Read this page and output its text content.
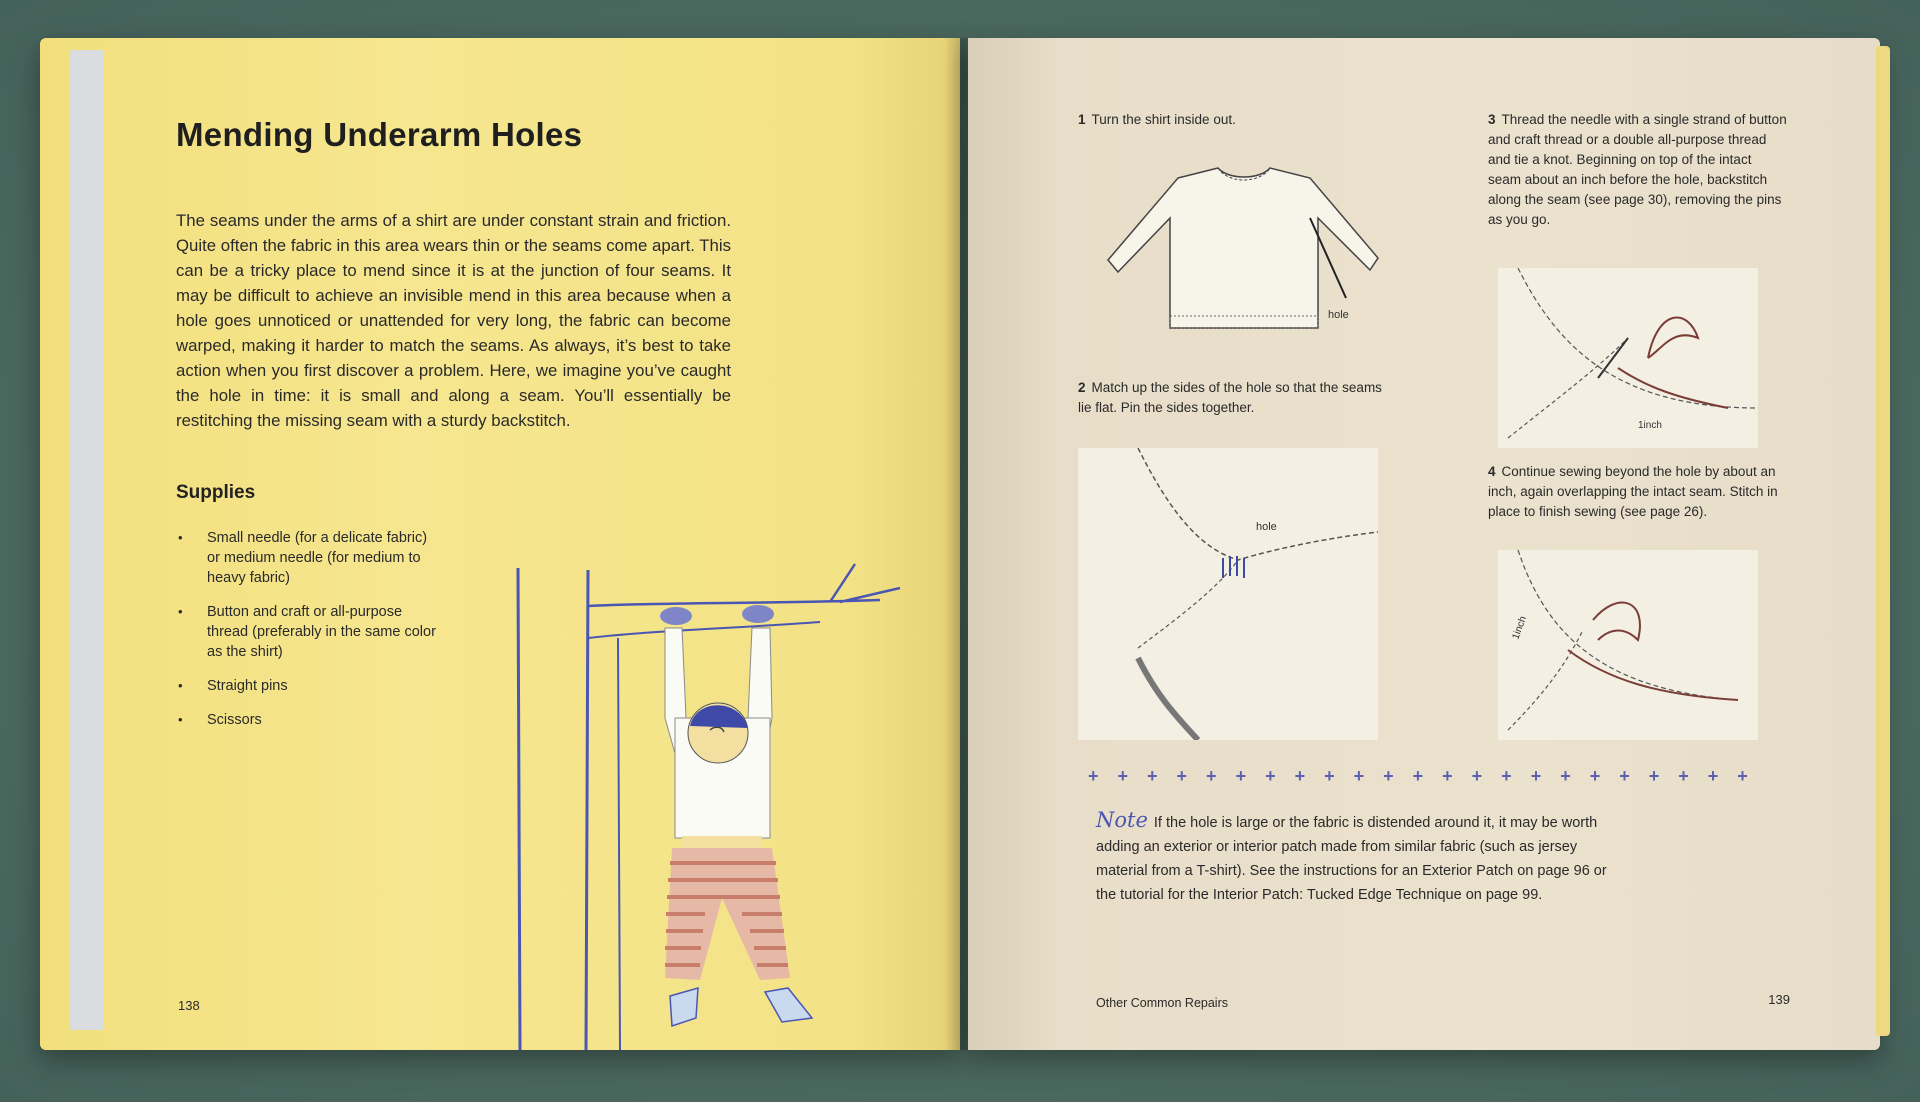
Mending Underarm Holes

The seams under the arms of a shirt are under constant strain and friction. Quite often the fabric in this area wears thin or the seams come apart. This can be a tricky place to mend since it is at the junction of four seams. It may be difficult to achieve an invisible mend in this area because when a hole goes unnoticed or unattended for very long, the fabric can become warped, making it harder to match the seams. As always, it’s best to take action when you first discover a problem. Here, we imagine you’ve caught the hole in time: it is small and along a seam. You’ll essentially be restitching the missing seam with a sturdy backstitch.

Supplies
• Small needle (for a delicate fabric) or medium needle (for medium to heavy fabric)
• Button and craft or all-purpose thread (preferably in the same color as the shirt)
• Straight pins
• Scissors
138

1 Turn the shirt inside out.

hole

2 Match up the sides of the hole so that the seams lie flat. Pin the sides together.

hole

3 Thread the needle with a single strand of button and craft thread or a double all-purpose thread and tie a knot. Beginning on top of the intact seam about an inch before the hole, backstitch along the seam (see page 30), removing the pins as you go.

1inch

4 Continue sewing beyond the hole by about an inch, again overlapping the intact seam. Stitch in place to finish sewing (see page 26).

1inch

+ + + + + + + + + + + + + + + + + + + + + + +

Note If the hole is large or the fabric is distended around it, it may be worth adding an exterior or interior patch made from similar fabric (such as jersey material from a T-shirt). See the instructions for an Exterior Patch on page 96 or the tutorial for the Interior Patch: Tucked Edge Technique on page 99.

Other Common Repairs	139
